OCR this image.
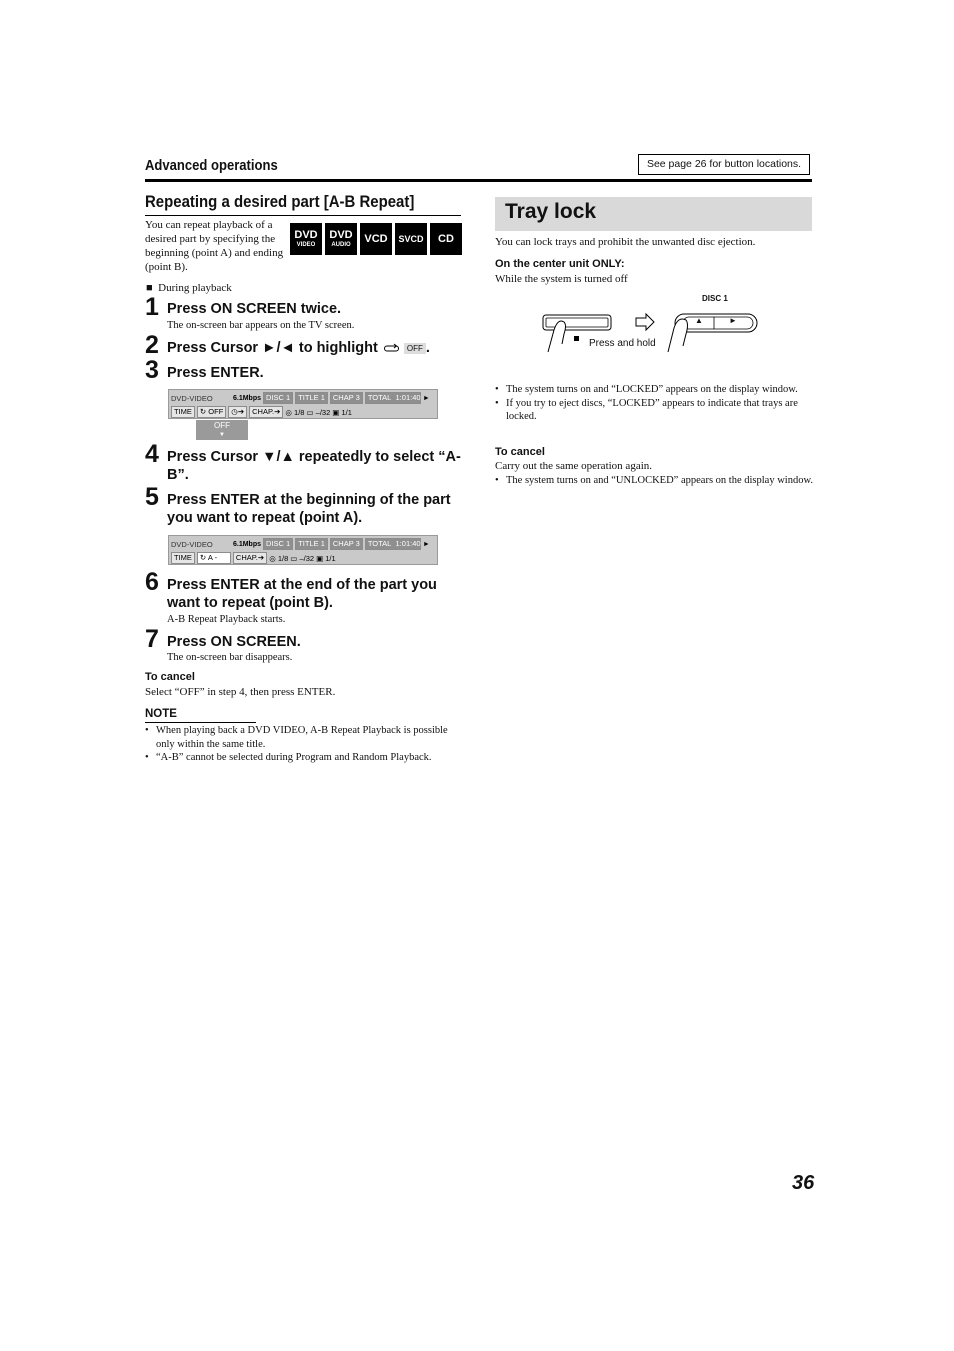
Advanced operations	See page 26 for button locations.
Repeating a desired part [A-B Repeat]
You can repeat playback of a desired part by specifying the beginning (point A) and ending (point B).
DVD
VIDEO
DVD
AUDIO
VCD SVCD CD
■ During playback
1 Press ON SCREEN twice.
The on-screen bar appears on the TV screen.
2 Press Cursor ►/◄ to highlight	OFF .
3 Press ENTER.
DVD-VIDEO	6.1Mbps DISC 1	TITLE 1	CHAP 3	TOTAL 1:01:40 ►
TIME	↻ OFF	◷➔	CHAP.➔ ◎ 1/8 ▭ –/32 ▣ 1/1
OFF
▼
4 Press Cursor ▼/▲ repeatedly to select “A-B”.
5 Press ENTER at the beginning of the part you want to repeat (point A).
DVD-VIDEO	6.1Mbps DISC 1	TITLE 1	CHAP 3	TOTAL 1:01:40 ►
TIME	↻ A -	CHAP.➔ ◎ 1/8 ▭ –/32 ▣ 1/1
6 Press ENTER at the end of the part you want to repeat (point B).
A-B Repeat Playback starts.
7 Press ON SCREEN.
The on-screen bar disappears.
To cancel
Select “OFF” in step 4, then press ENTER.
NOTE
• When playing back a DVD VIDEO, A-B Repeat Playback is possible only within the same title.
• “A-B” cannot be selected during Program and Random Playback.
Tray lock
You can lock trays and prohibit the unwanted disc ejection.
On the center unit ONLY:
While the system is turned off
DISC 1
▲	►
Press and hold
• The system turns on and “LOCKED” appears on the display window.
• If you try to eject discs, “LOCKED” appears to indicate that trays are locked.
To cancel
Carry out the same operation again.
• The system turns on and “UNLOCKED” appears on the display window.
36
